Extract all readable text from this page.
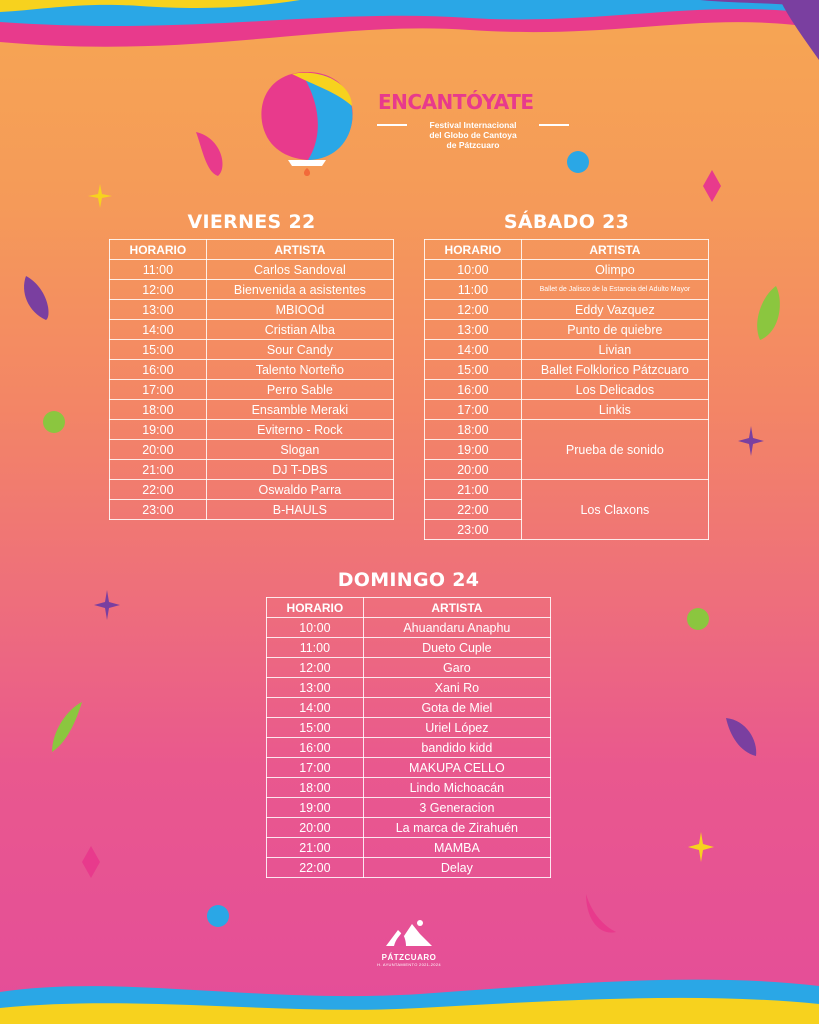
ENCANTÓYATE
Festival Internacional
del Globo de Cantoya
de Pátzcuaro
VIERNES 22
HORARIO	ARTISTA
11:00	Carlos Sandoval
12:00	Bienvenida a asistentes
13:00	MBIOOd
14:00	Cristian Alba
15:00	Sour Candy
16:00	Talento Norteño
17:00	Perro Sable
18:00	Ensamble Meraki
19:00	Eviterno - Rock
20:00	Slogan
21:00	DJ T-DBS
22:00	Oswaldo Parra
23:00	B-HAULS
SÁBADO 23
HORARIO	ARTISTA
10:00	Olimpo
11:00	Ballet de Jalisco de la Estancia del Adulto Mayor
12:00	Eddy Vazquez
13:00	Punto de quiebre
14:00	Livian
15:00	Ballet Folklorico Pátzcuaro
16:00	Los Delicados
17:00	Linkis
18:00	Prueba de sonido
19:00	
20:00	
21:00	Los Claxons
22:00	
23:00	
DOMINGO 24
HORARIO	ARTISTA
10:00	Ahuandaru Anaphu
11:00	Dueto Cuple
12:00	Garo
13:00	Xani Ro
14:00	Gota de Miel
15:00	Uriel López
16:00	bandido kidd
17:00	MAKUPA CELLO
18:00	Lindo Michoacán
19:00	3 Generacion
20:00	La marca de Zirahuén
21:00	MAMBA
22:00	Delay
PÁTZCUARO
H. AYUNTAMIENTO 2021-2024
